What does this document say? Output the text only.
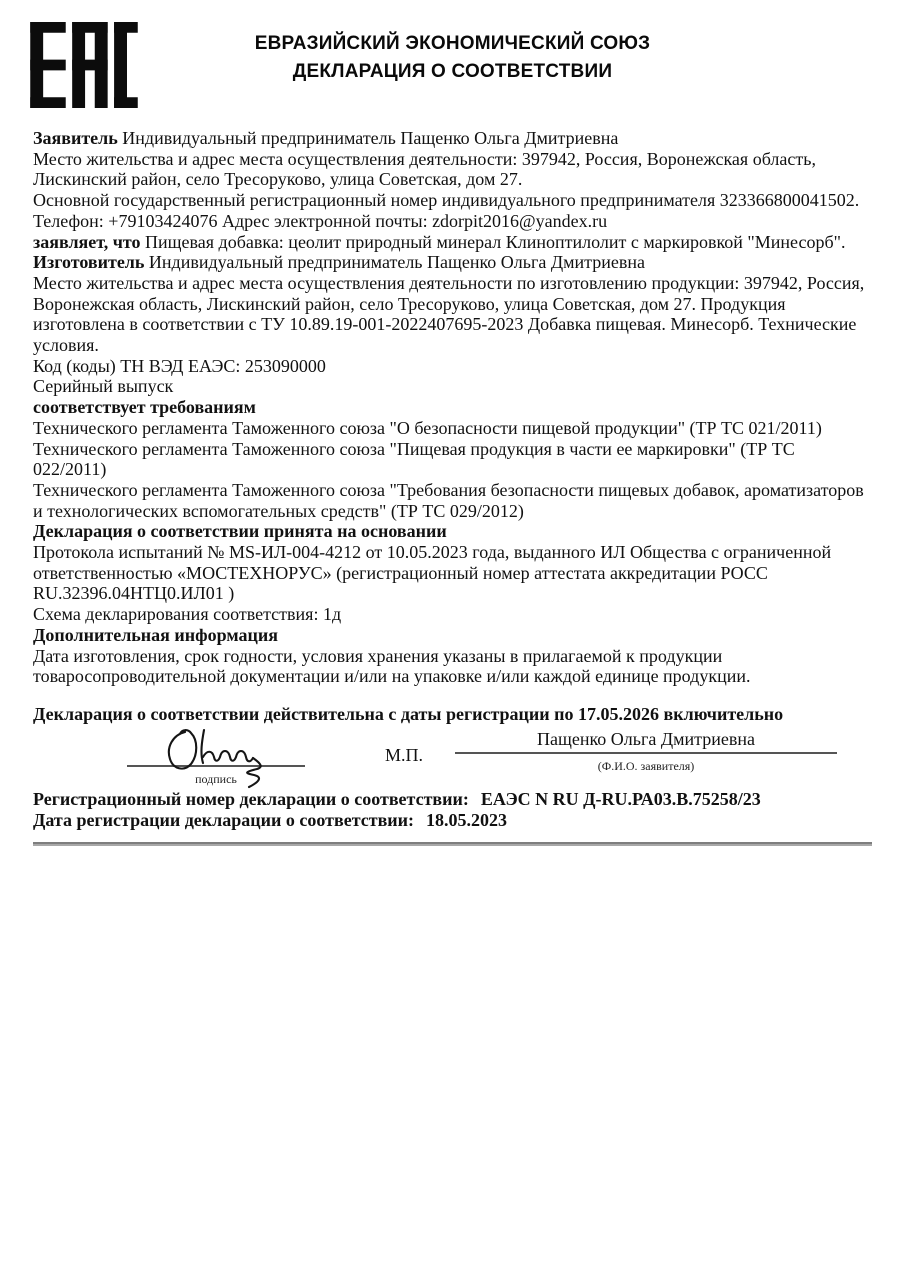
ЕВРАЗИЙСКИЙ ЭКОНОМИЧЕСКИЙ СОЮЗ
ДЕКЛАРАЦИЯ О СООТВЕТСТВИИ

Заявитель Индивидуальный предприниматель Пащенко Ольга Дмитриевна

Место жительства и адрес места осуществления деятельности: 397942, Россия, Воронежская область, Лискинский район, село Тресоруково, улица Советская, дом 27.

Основной государственный регистрационный номер индивидуального предпринимателя 323366800041502.

Телефон: +79103424076 Адрес электронной почты: zdorpit2016@yandex.ru

заявляет, что Пищевая добавка: цеолит природный минерал Клиноптилолит с маркировкой "Минесорб".

Изготовитель Индивидуальный предприниматель Пащенко Ольга Дмитриевна

Место жительства и адрес места осуществления деятельности по изготовлению продукции: 397942, Россия, Воронежская область, Лискинский район, село Тресоруково, улица Советская, дом 27. Продукция изготовлена в соответствии с ТУ 10.89.19-001-2022407695-2023 Добавка пищевая. Минесорб. Технические условия.

Код (коды) ТН ВЭД ЕАЭС: 253090000

Серийный выпуск

соответствует требованиям

Технического регламента Таможенного союза "О безопасности пищевой продукции" (ТР ТС 021/2011)

Технического регламента Таможенного союза "Пищевая продукция в части ее маркировки" (ТР ТС 022/2011)

Технического регламента Таможенного союза "Требования безопасности пищевых добавок, ароматизаторов и технологических вспомогательных средств" (ТР ТС 029/2012)

Декларация о соответствии принята на основании

Протокола испытаний № MS-ИЛ-004-4212 от 10.05.2023 года, выданного ИЛ Общества с ограниченной ответственностью «МОСТЕХНОРУС» (регистрационный номер аттестата аккредитации РОСС RU.32396.04НТЦ0.ИЛ01 )

Схема декларирования соответствия: 1д

Дополнительная информация

Дата изготовления, срок годности, условия хранения указаны в прилагаемой к продукции товаросопроводительной документации и/или на упаковке и/или каждой единице продукции.

Декларация о соответствии действительна с даты регистрации по 17.05.2026 включительно

подпись
М.П.
Пащенко Ольга Дмитриевна
(Ф.И.О. заявителя)

Регистрационный номер декларации о соответствии: ЕАЭС N RU Д-RU.РА03.В.75258/23

Дата регистрации декларации о соответствии: 18.05.2023
